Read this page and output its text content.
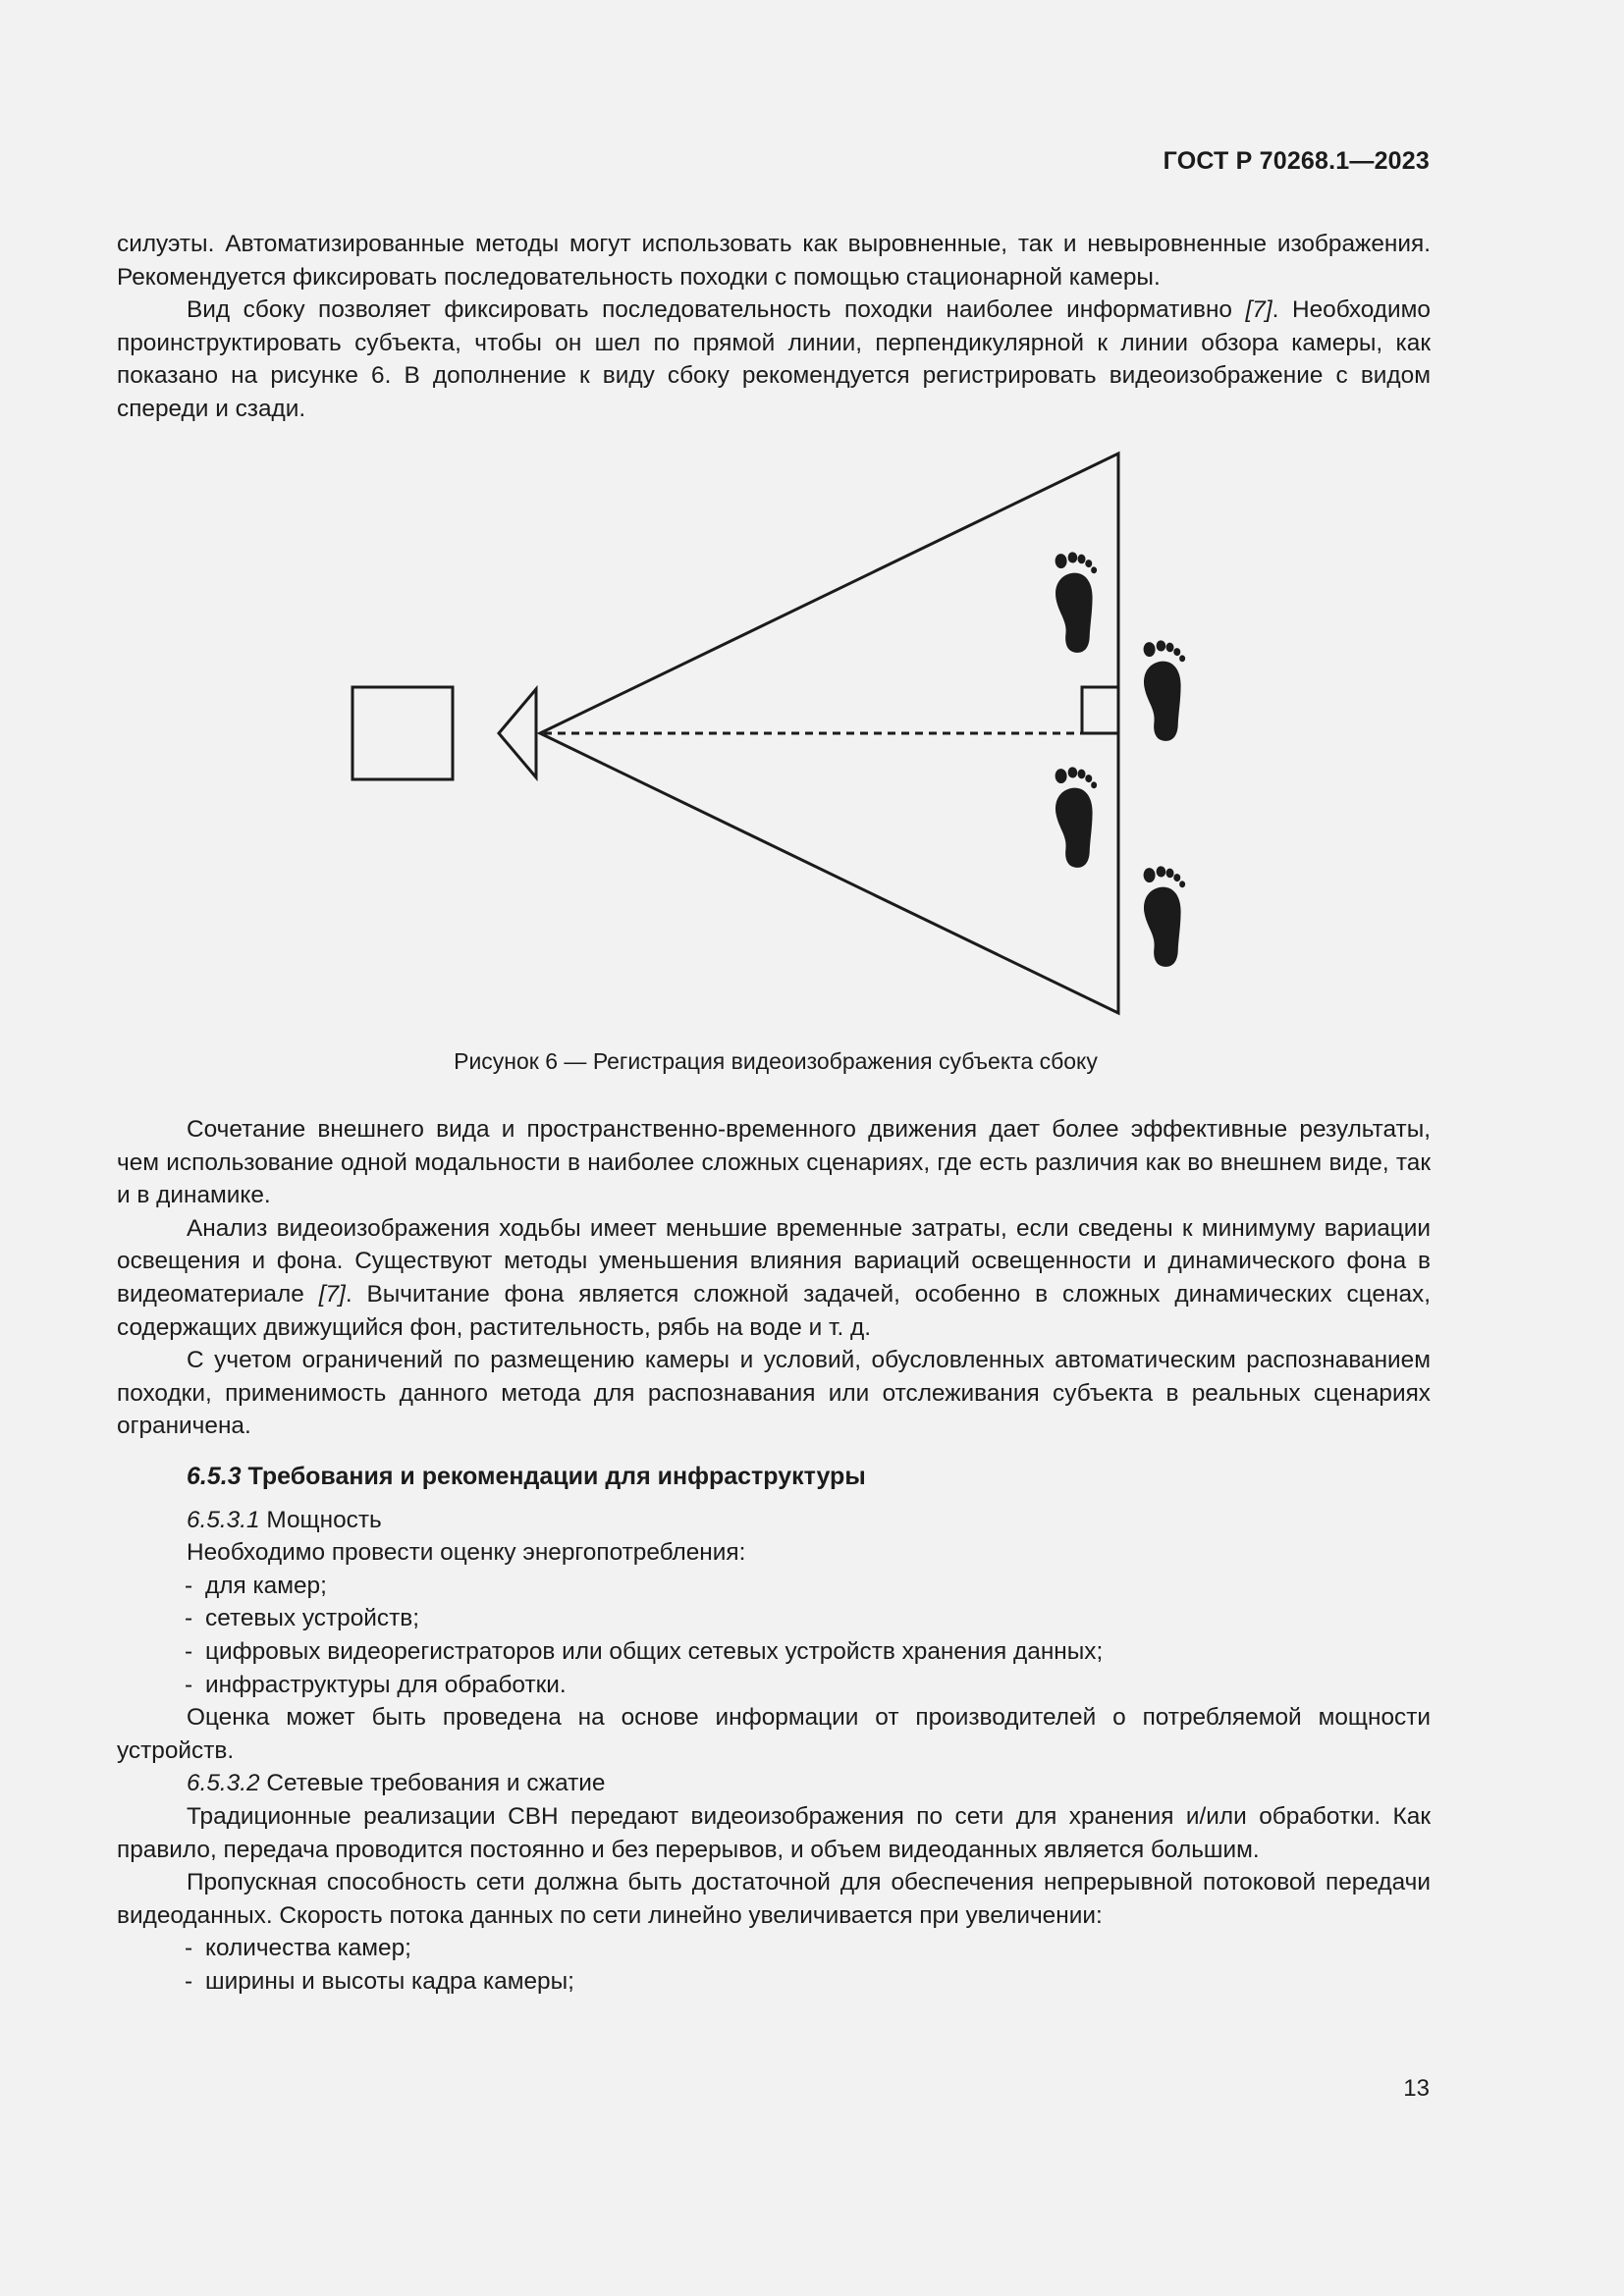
ГОСТ Р 70268.1—2023

силуэты. Автоматизированные методы могут использовать как выровненные, так и невыровненные изображения. Рекомендуется фиксировать последовательность походки с помощью стационарной камеры.

Вид сбоку позволяет фиксировать последовательность походки наиболее информативно [7]. Необходимо проинструктировать субъекта, чтобы он шел по прямой линии, перпендикулярной к линии обзора камеры, как показано на рисунке 6. В дополнение к виду сбоку рекомендуется регистрировать видеоизображение с видом спереди и сзади.

Рисунок 6 — Регистрация видеоизображения субъекта сбоку

Сочетание внешнего вида и пространственно-временного движения дает более эффективные результаты, чем использование одной модальности в наиболее сложных сценариях, где есть различия как во внешнем виде, так и в динамике.

Анализ видеоизображения ходьбы имеет меньшие временные затраты, если сведены к минимуму вариации освещения и фона. Существуют методы уменьшения влияния вариаций освещенности и динамического фона в видеоматериале [7]. Вычитание фона является сложной задачей, особенно в сложных динамических сценах, содержащих движущийся фон, растительность, рябь на воде и т. д.

С учетом ограничений по размещению камеры и условий, обусловленных автоматическим распознаванием походки, применимость данного метода для распознавания или отслеживания субъекта в реальных сценариях ограничена.

6.5.3 Требования и рекомендации для инфраструктуры

6.5.3.1 Мощность

Необходимо провести оценку энергопотребления:

- для камер;

- сетевых устройств;

- цифровых видеорегистраторов или общих сетевых устройств хранения данных;

- инфраструктуры для обработки.

Оценка может быть проведена на основе информации от производителей о потребляемой мощности устройств.

6.5.3.2 Сетевые требования и сжатие

Традиционные реализации СВН передают видеоизображения по сети для хранения и/или обработки. Как правило, передача проводится постоянно и без перерывов, и объем видеоданных является большим.

Пропускная способность сети должна быть достаточной для обеспечения непрерывной потоковой передачи видеоданных. Скорость потока данных по сети линейно увеличивается при увеличении:

- количества камер;

- ширины и высоты кадра камеры;

13
